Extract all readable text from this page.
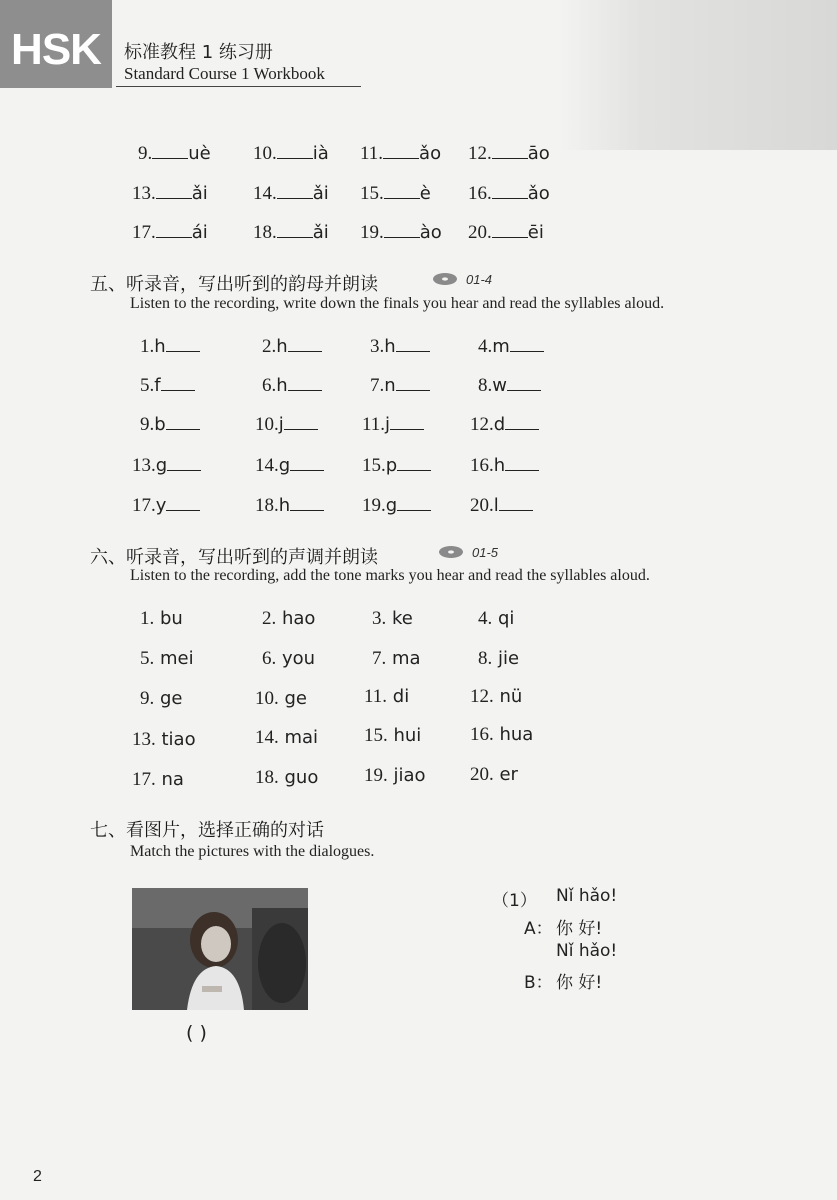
HSK 标准教程 1 练习册
Standard Course 1 Workbook
9. uè 10. ià 11. ǎo 12. āo
13. ǎi 14. ǎi 15. è 16. ǎo
17. ái 18. ǎi 19. ào 20. ēi
五、听录音，写出听到的韵母并朗读	01-4
Listen to the recording, write down the finals you hear and read the syllables aloud.
1.h	2.h	3.h	4.m
5.f	6.h	7.n	8.w
9.b	10.j	11.j	12.d
13.g	14.g	15.p	16.h
17.y	18.h	19.g	20.l
六、听录音，写出听到的声调并朗读	01-5
Listen to the recording, add the tone marks you hear and read the syllables aloud.
1. bu	2. hao	3. ke	4. qi
5. mei	6. you	7. ma	8. jie
9. ge	10. ge	11. di	12. nü
13. tiao	14. mai 15. hui	16. hua
17. na	18. guo 19. jiao 20. er
七、看图片，选择正确的对话
Match the pictures with the dialogues.
( )
（1） Nǐ hǎo!
A： 你 好!
Nǐ hǎo!
B： 你 好!
2
